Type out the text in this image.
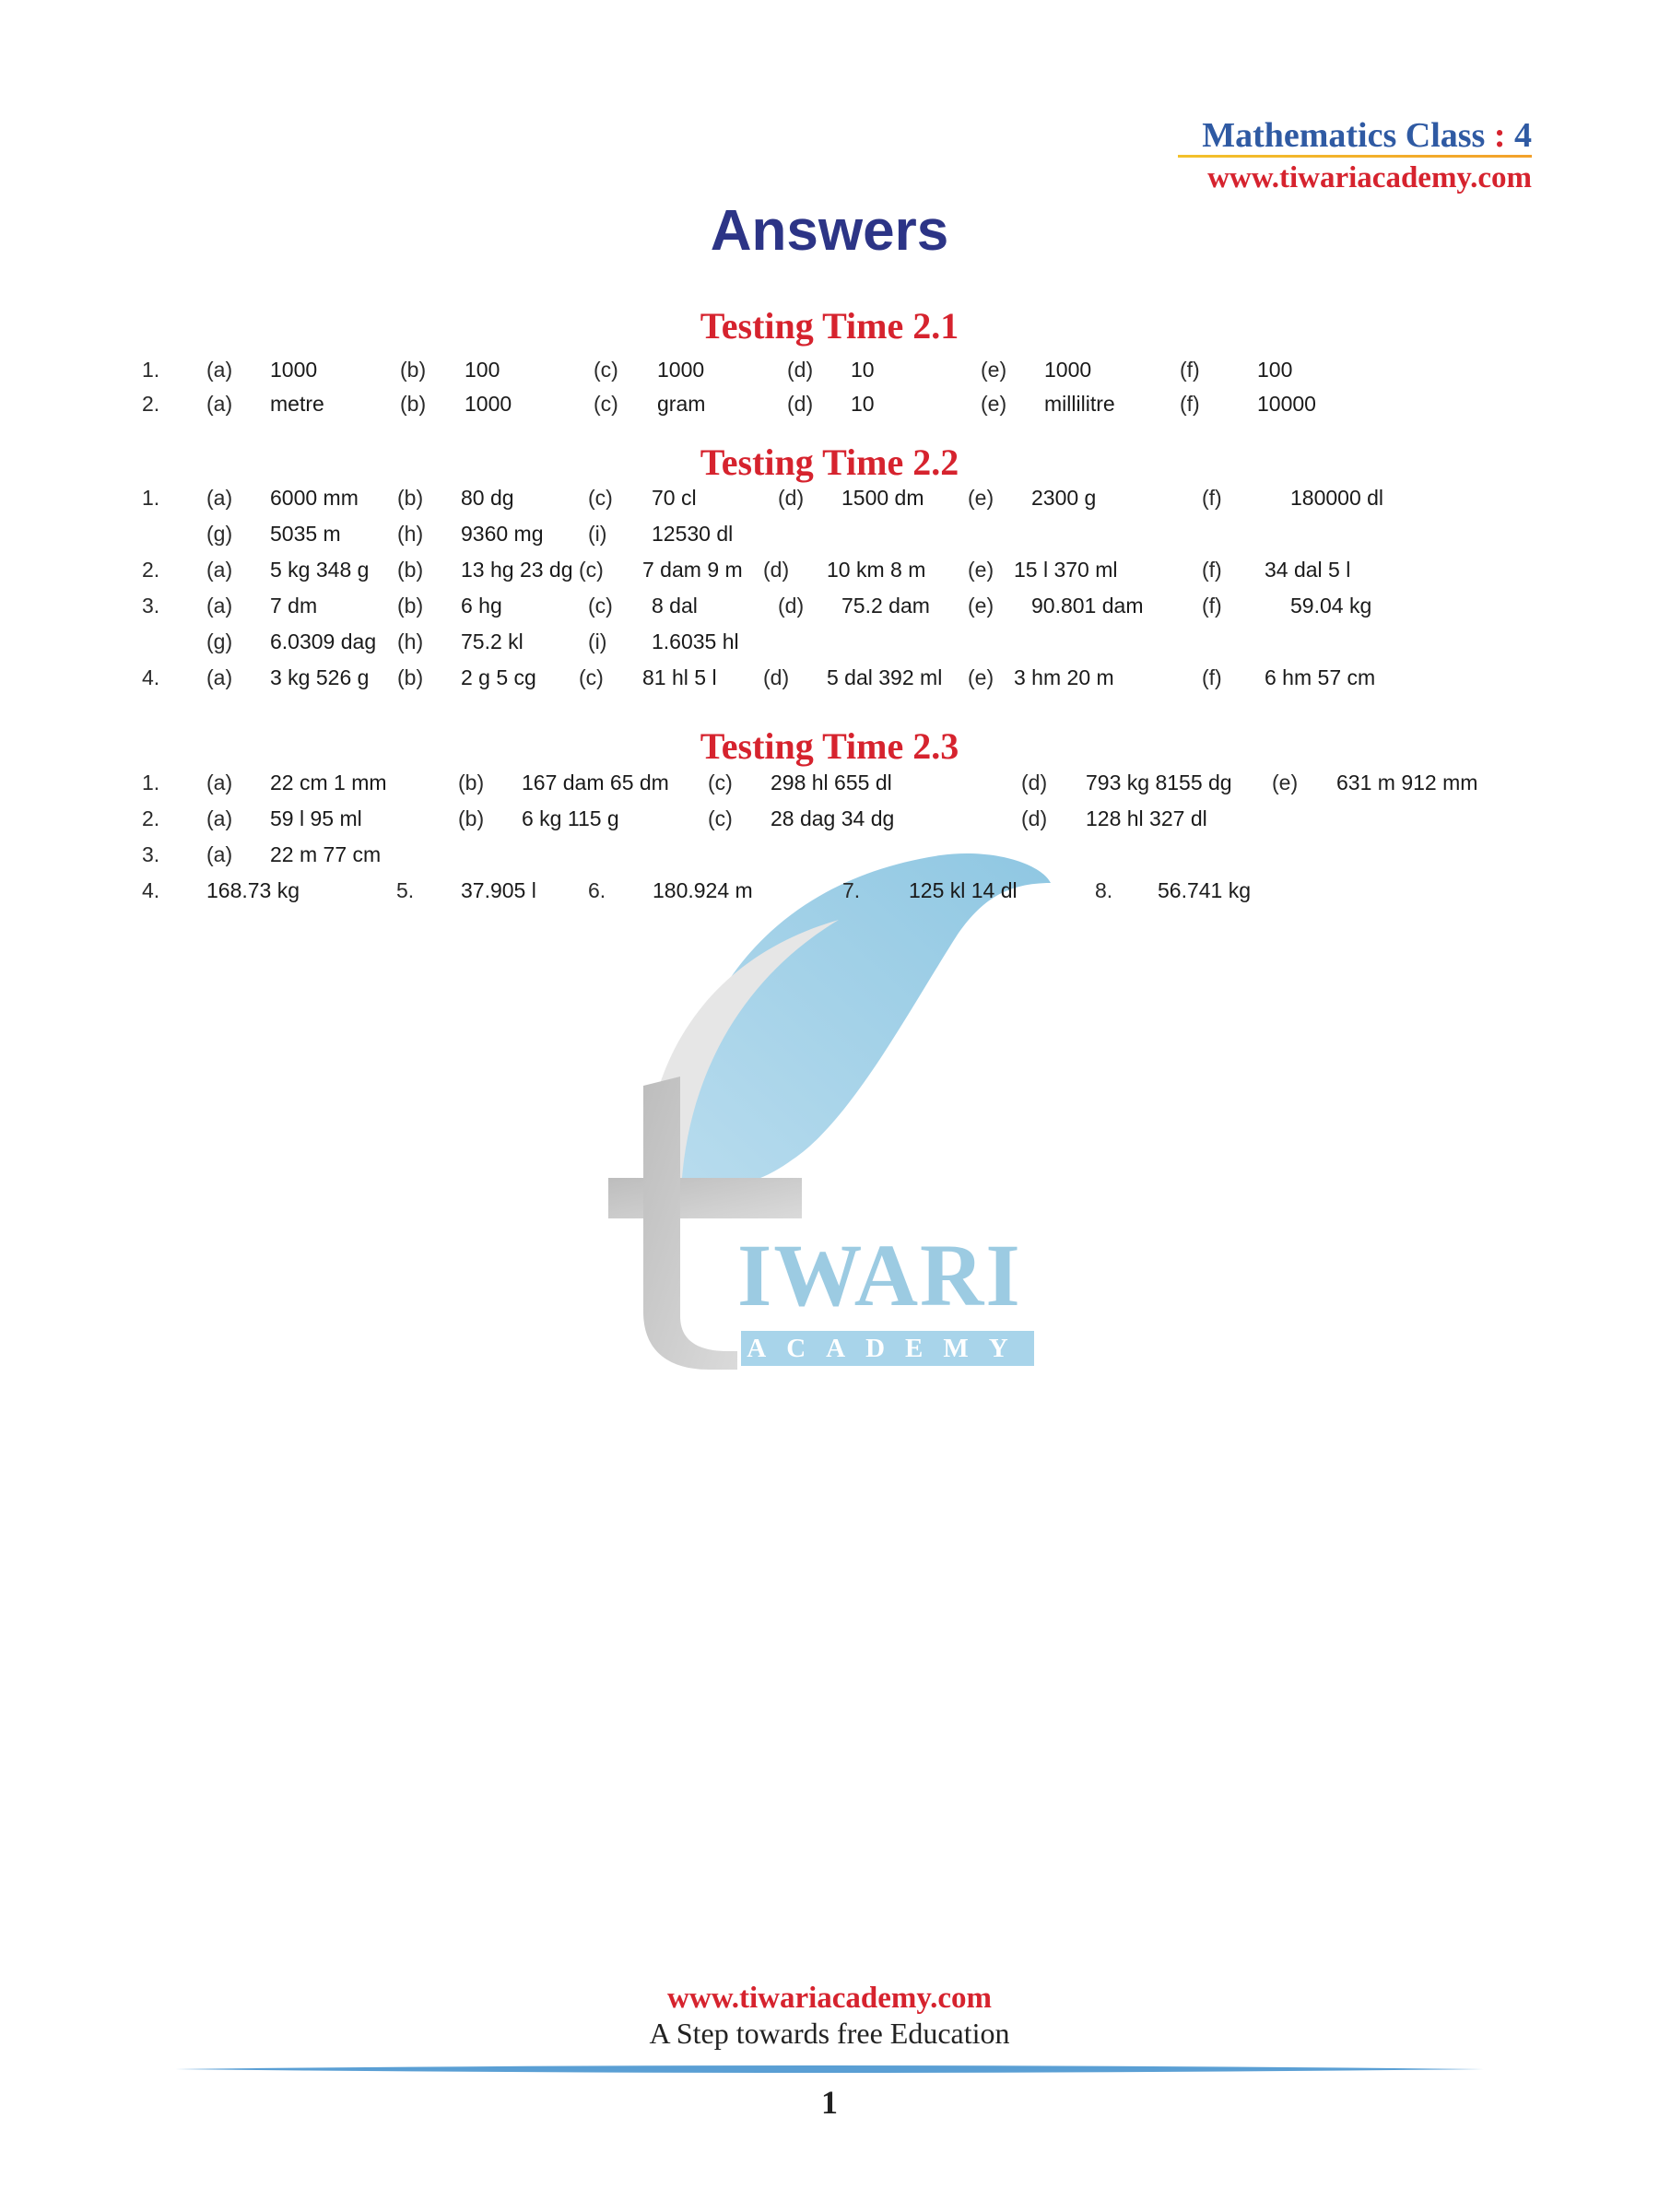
Mathematics Class : 4
www.tiwariacademy.com
Answers
IWARI
ACADEMY
Testing Time 2.1
1. (a) 1000	(b) 100	(c) 1000	(d) 10	(e) 1000	(f)	100
2. (a) metre	(b) 1000	(c) gram	(d) 10	(e) millilitre	(f)	10000
Testing Time 2.2
1. (a) 6000 mm (b) 80 dg	(c) 70 cl	(d) 1500 dm (e) 2300 g	(f)	180000 dl
(g) 5035 m	(h) 9360 mg (i) 12530 dl
2. (a) 5 kg 348 g (b) 13 hg 23 dg (c) 7 dam 9 m (d) 10 km 8 m (e) 15 l 370 ml	(f) 34 dal 5 l
3. (a) 7 dm	(b) 6 hg	(c) 8 dal	(d) 75.2 dam (e) 90.801 dam	(f)	59.04 kg
(g) 6.0309 dag (h) 75.2 kl	(i) 1.6035 hl
4. (a) 3 kg 526 g (b) 2 g 5 cg (c) 81 hl 5 l (d) 5 dal 392 ml (e) 3 hm 20 m	(f) 6 hm 57 cm
Testing Time 2.3
1. (a) 22 cm 1 mm	(b) 167 dam 65 dm (c) 298 hl 655 dl	(d) 793 kg 8155 dg (e) 631 m 912 mm
2. (a) 59 l 95 ml	(b) 6 kg 115 g	(c) 28 dag 34 dg	(d) 128 hl 327 dl
3. (a) 22 m 77 cm
4. 168.73 kg	5. 37.905 l 6. 180.924 m	7. 125 kl 14 dl	8. 56.741 kg
www.tiwariacademy.com
A Step towards free Education
1
